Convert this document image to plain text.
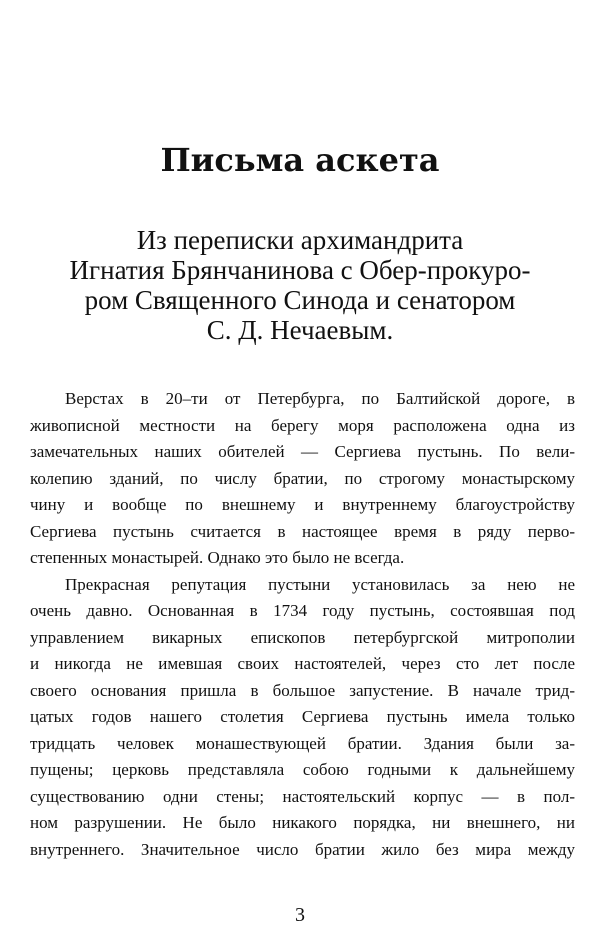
Письма аскета
Из переписки архимандрита
Игнатия Брянчанинова с Обер-прокуро-
ром Священного Синода и сенатором
С. Д. Нечаевым.

Верстах в 20–ти от Петербурга, по Балтийской дороге, в
живописной местности на берегу моря расположена одна из
замечательных наших обителей — Сергиева пустынь. По вели-
колепию зданий, по числу братии, по строгому монастырскому
чину и вообще по внешнему и внутреннему благоустройству
Сергиева пустынь считается в настоящее время в ряду перво-
степенных монастырей. Однако это было не всегда.

Прекрасная репутация пустыни установилась за нею не
очень давно. Основанная в 1734 году пустынь, состоявшая под
управлением викарных епископов петербургской митрополии
и никогда не имевшая своих настоятелей, через сто лет после
своего основания пришла в большое запустение. В начале трид-
цатых годов нашего столетия Сергиева пустынь имела только
тридцать человек монашествующей братии. Здания были за-
пущены; церковь представляла собою годными к дальнейшему
существованию одни стены; настоятельский корпус — в пол-
ном разрушении. Не было никакого порядка, ни внешнего, ни
внутреннего. Значительное число братии жило без мира между

3
